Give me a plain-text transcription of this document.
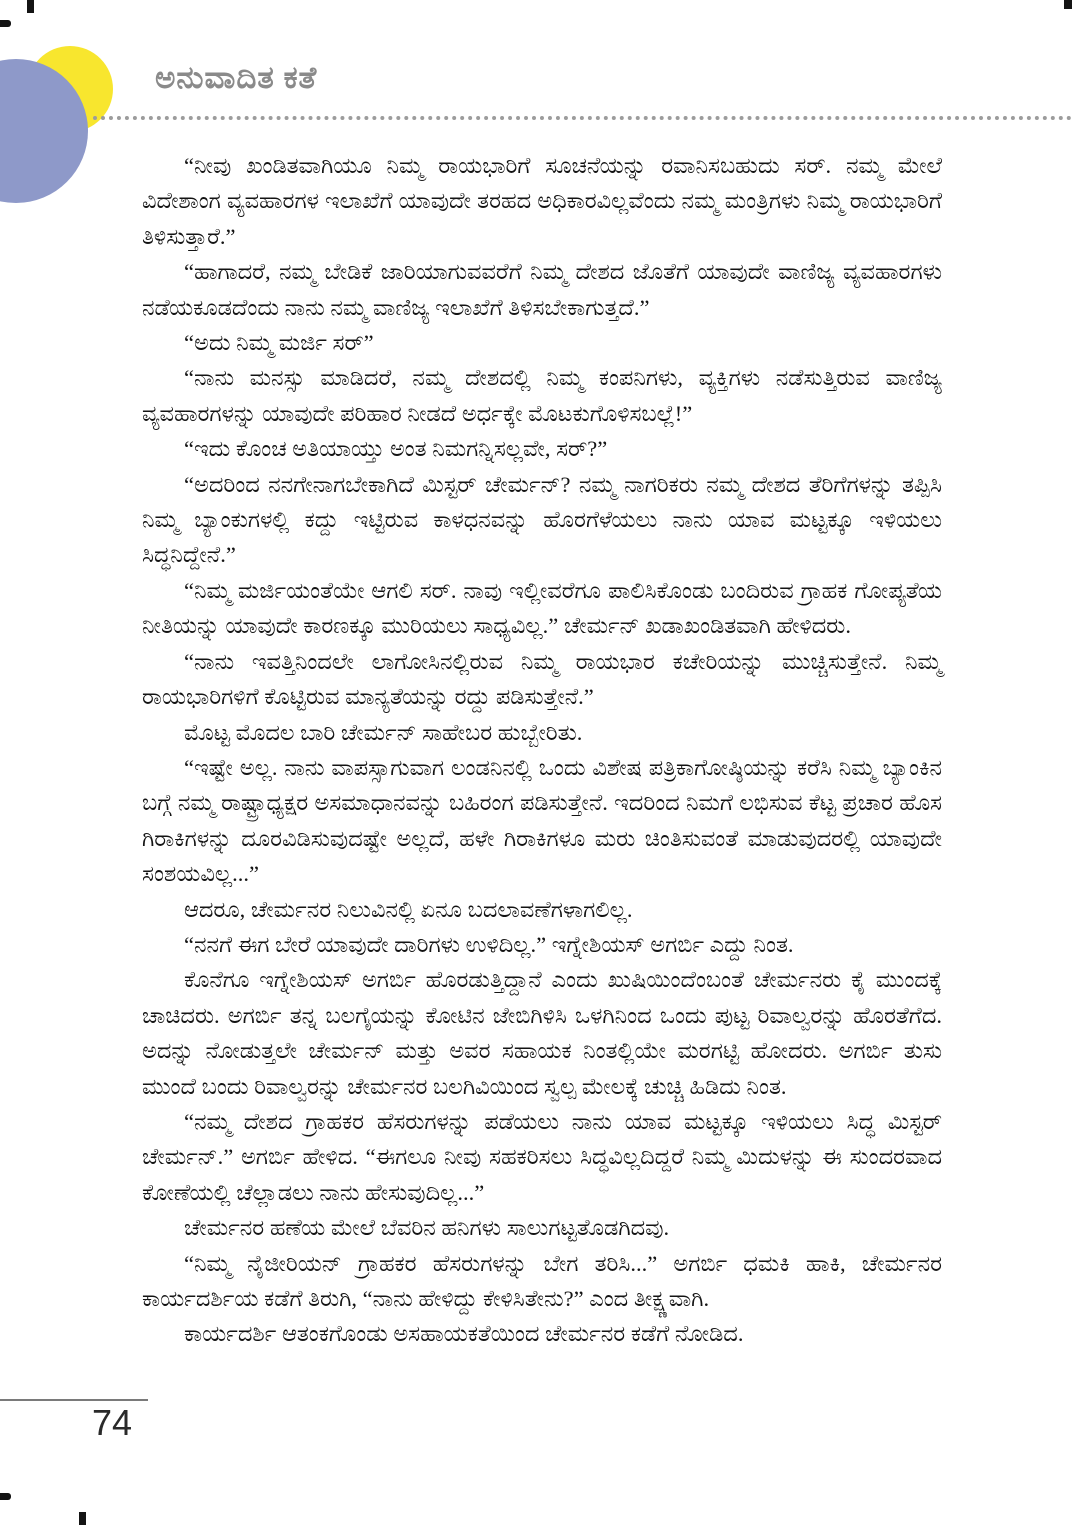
ಅನುವಾದಿತ ಕತೆ

“ನೀವು ಖಂಡಿತವಾಗಿಯೂ ನಿಮ್ಮ ರಾಯಭಾರಿಗೆ ಸೂಚನೆಯನ್ನು ರವಾನಿಸಬಹುದು ಸರ್. ನಮ್ಮ ಮೇಲೆ ವಿದೇಶಾಂಗ ವ್ಯವಹಾರಗಳ ಇಲಾಖೆಗೆ ಯಾವುದೇ ತರಹದ ಅಧಿಕಾರವಿಲ್ಲವೆಂದು ನಮ್ಮ ಮಂತ್ರಿಗಳು ನಿಮ್ಮ ರಾಯಭಾರಿಗೆ ತಿಳಿಸುತ್ತಾರೆ.”

“ಹಾಗಾದರೆ, ನಮ್ಮ ಬೇಡಿಕೆ ಜಾರಿಯಾಗುವವರೆಗೆ ನಿಮ್ಮ ದೇಶದ ಜೊತೆಗೆ ಯಾವುದೇ ವಾಣಿಜ್ಯ ವ್ಯವಹಾರಗಳು ನಡೆಯಕೂಡದೆಂದು ನಾನು ನಮ್ಮ ವಾಣಿಜ್ಯ ಇಲಾಖೆಗೆ ತಿಳಿಸಬೇಕಾಗುತ್ತದೆ.”

“ಅದು ನಿಮ್ಮ ಮರ್ಜಿ ಸರ್”

“ನಾನು ಮನಸ್ಸು ಮಾಡಿದರೆ, ನಮ್ಮ ದೇಶದಲ್ಲಿ ನಿಮ್ಮ ಕಂಪನಿಗಳು, ವ್ಯಕ್ತಿಗಳು ನಡೆಸುತ್ತಿರುವ ವಾಣಿಜ್ಯ ವ್ಯವಹಾರಗಳನ್ನು ಯಾವುದೇ ಪರಿಹಾರ ನೀಡದೆ ಅರ್ಧಕ್ಕೇ ಮೊಟಕುಗೊಳಿಸಬಲ್ಲೆ!”

“ಇದು ಕೊಂಚ ಅತಿಯಾಯ್ತು ಅಂತ ನಿಮಗನ್ನಿಸಲ್ಲವೇ, ಸರ್?”

“ಅದರಿಂದ ನನಗೇನಾಗಬೇಕಾಗಿದೆ ಮಿಸ್ಟರ್ ಚೇರ್ಮನ್? ನಮ್ಮ ನಾಗರಿಕರು ನಮ್ಮ ದೇಶದ ತೆರಿಗೆಗಳನ್ನು ತಪ್ಪಿಸಿ ನಿಮ್ಮ ಬ್ಯಾಂಕುಗಳಲ್ಲಿ ಕದ್ದು ಇಟ್ಟಿರುವ ಕಾಳಧನವನ್ನು ಹೊರಗೆಳೆಯಲು ನಾನು ಯಾವ ಮಟ್ಟಕ್ಕೂ ಇಳಿಯಲು ಸಿದ್ಧನಿದ್ದೇನೆ.”

“ನಿಮ್ಮ ಮರ್ಜಿಯಂತೆಯೇ ಆಗಲಿ ಸರ್. ನಾವು ಇಲ್ಲೀವರೆಗೂ ಪಾಲಿಸಿಕೊಂಡು ಬಂದಿರುವ ಗ್ರಾಹಕ ಗೋಪ್ಯತೆಯ ನೀತಿಯನ್ನು ಯಾವುದೇ ಕಾರಣಕ್ಕೂ ಮುರಿಯಲು ಸಾಧ್ಯವಿಲ್ಲ.” ಚೇರ್ಮನ್ ಖಡಾಖಂಡಿತವಾಗಿ ಹೇಳಿದರು.

“ನಾನು ಇವತ್ತಿನಿಂದಲೇ ಲಾಗೋಸಿನಲ್ಲಿರುವ ನಿಮ್ಮ ರಾಯಭಾರ ಕಚೇರಿಯನ್ನು ಮುಚ್ಚಿಸುತ್ತೇನೆ. ನಿಮ್ಮ ರಾಯಭಾರಿಗಳಿಗೆ ಕೊಟ್ಟಿರುವ ಮಾನ್ಯತೆಯನ್ನು ರದ್ದು ಪಡಿಸುತ್ತೇನೆ.”

ಮೊಟ್ಟ ಮೊದಲ ಬಾರಿ ಚೇರ್ಮನ್ ಸಾಹೇಬರ ಹುಬ್ಬೇರಿತು.

“ಇಷ್ಟೇ ಅಲ್ಲ. ನಾನು ವಾಪಸ್ಸಾಗುವಾಗ ಲಂಡನಿನಲ್ಲಿ ಒಂದು ವಿಶೇಷ ಪತ್ರಿಕಾಗೋಷ್ಠಿಯನ್ನು ಕರೆಸಿ ನಿಮ್ಮ ಬ್ಯಾಂಕಿನ ಬಗ್ಗೆ ನಮ್ಮ ರಾಷ್ಟ್ರಾಧ್ಯಕ್ಷರ ಅಸಮಾಧಾನವನ್ನು ಬಹಿರಂಗ ಪಡಿಸುತ್ತೇನೆ. ಇದರಿಂದ ನಿಮಗೆ ಲಭಿಸುವ ಕೆಟ್ಟ ಪ್ರಚಾರ ಹೊಸ ಗಿರಾಕಿಗಳನ್ನು ದೂರವಿಡಿಸುವುದಷ್ಟೇ ಅಲ್ಲದೆ, ಹಳೇ ಗಿರಾಕಿಗಳೂ ಮರು ಚಿಂತಿಸುವಂತೆ ಮಾಡುವುದರಲ್ಲಿ ಯಾವುದೇ ಸಂಶಯವಿಲ್ಲ...”

ಆದರೂ, ಚೇರ್ಮನರ ನಿಲುವಿನಲ್ಲಿ ಏನೂ ಬದಲಾವಣೆಗಳಾಗಲಿಲ್ಲ.

“ನನಗೆ ಈಗ ಬೇರೆ ಯಾವುದೇ ದಾರಿಗಳು ಉಳಿದಿಲ್ಲ.” ಇಗ್ನೇಶಿಯಸ್ ಅಗರ್ಬಿ ಎದ್ದು ನಿಂತ.

ಕೊನೆಗೂ ಇಗ್ನೇಶಿಯಸ್ ಅಗರ್ಬಿ ಹೊರಡುತ್ತಿದ್ದಾನೆ ಎಂದು ಖುಷಿಯಿಂದೆಂಬಂತೆ ಚೇರ್ಮನರು ಕೈ ಮುಂದಕ್ಕೆ ಚಾಚಿದರು. ಅಗರ್ಬಿ ತನ್ನ ಬಲಗೈಯನ್ನು ಕೋಟಿನ ಜೇಬಿಗಿಳಿಸಿ ಒಳಗಿನಿಂದ ಒಂದು ಪುಟ್ಟ ರಿವಾಲ್ವರನ್ನು ಹೊರತೆಗೆದ. ಅದನ್ನು ನೋಡುತ್ತಲೇ ಚೇರ್ಮನ್ ಮತ್ತು ಅವರ ಸಹಾಯಕ ನಿಂತಲ್ಲಿಯೇ ಮರಗಟ್ಟಿ ಹೋದರು. ಅಗರ್ಬಿ ತುಸು ಮುಂದೆ ಬಂದು ರಿವಾಲ್ವರನ್ನು ಚೇರ್ಮನರ ಬಲಗಿವಿಯಿಂದ ಸ್ವಲ್ಪ ಮೇಲಕ್ಕೆ ಚುಚ್ಚಿ ಹಿಡಿದು ನಿಂತ.

“ನಮ್ಮ ದೇಶದ ಗ್ರಾಹಕರ ಹೆಸರುಗಳನ್ನು ಪಡೆಯಲು ನಾನು ಯಾವ ಮಟ್ಟಕ್ಕೂ ಇಳಿಯಲು ಸಿದ್ಧ ಮಿಸ್ಟರ್ ಚೇರ್ಮನ್.” ಅಗರ್ಬಿ ಹೇಳಿದ. “ಈಗಲೂ ನೀವು ಸಹಕರಿಸಲು ಸಿದ್ಧವಿಲ್ಲದಿದ್ದರೆ ನಿಮ್ಮ ಮಿದುಳನ್ನು ಈ ಸುಂದರವಾದ ಕೋಣೆಯಲ್ಲಿ ಚೆಲ್ಲಾಡಲು ನಾನು ಹೇಸುವುದಿಲ್ಲ...”

ಚೇರ್ಮನರ ಹಣೆಯ ಮೇಲೆ ಬೆವರಿನ ಹನಿಗಳು ಸಾಲುಗಟ್ಟತೊಡಗಿದವು.

“ನಿಮ್ಮ ನೈಜೀರಿಯನ್ ಗ್ರಾಹಕರ ಹೆಸರುಗಳನ್ನು ಬೇಗ ತರಿಸಿ...” ಅಗರ್ಬಿ ಧಮಕಿ ಹಾಕಿ, ಚೇರ್ಮನರ ಕಾರ್ಯದರ್ಶಿಯ ಕಡೆಗೆ ತಿರುಗಿ, “ನಾನು ಹೇಳಿದ್ದು ಕೇಳಿಸಿತೇನು?” ಎಂದ ತೀಕ್ಷ್ಣವಾಗಿ.

ಕಾರ್ಯದರ್ಶಿ ಆತಂಕಗೊಂಡು ಅಸಹಾಯಕತೆಯಿಂದ ಚೇರ್ಮನರ ಕಡೆಗೆ ನೋಡಿದ.

74
